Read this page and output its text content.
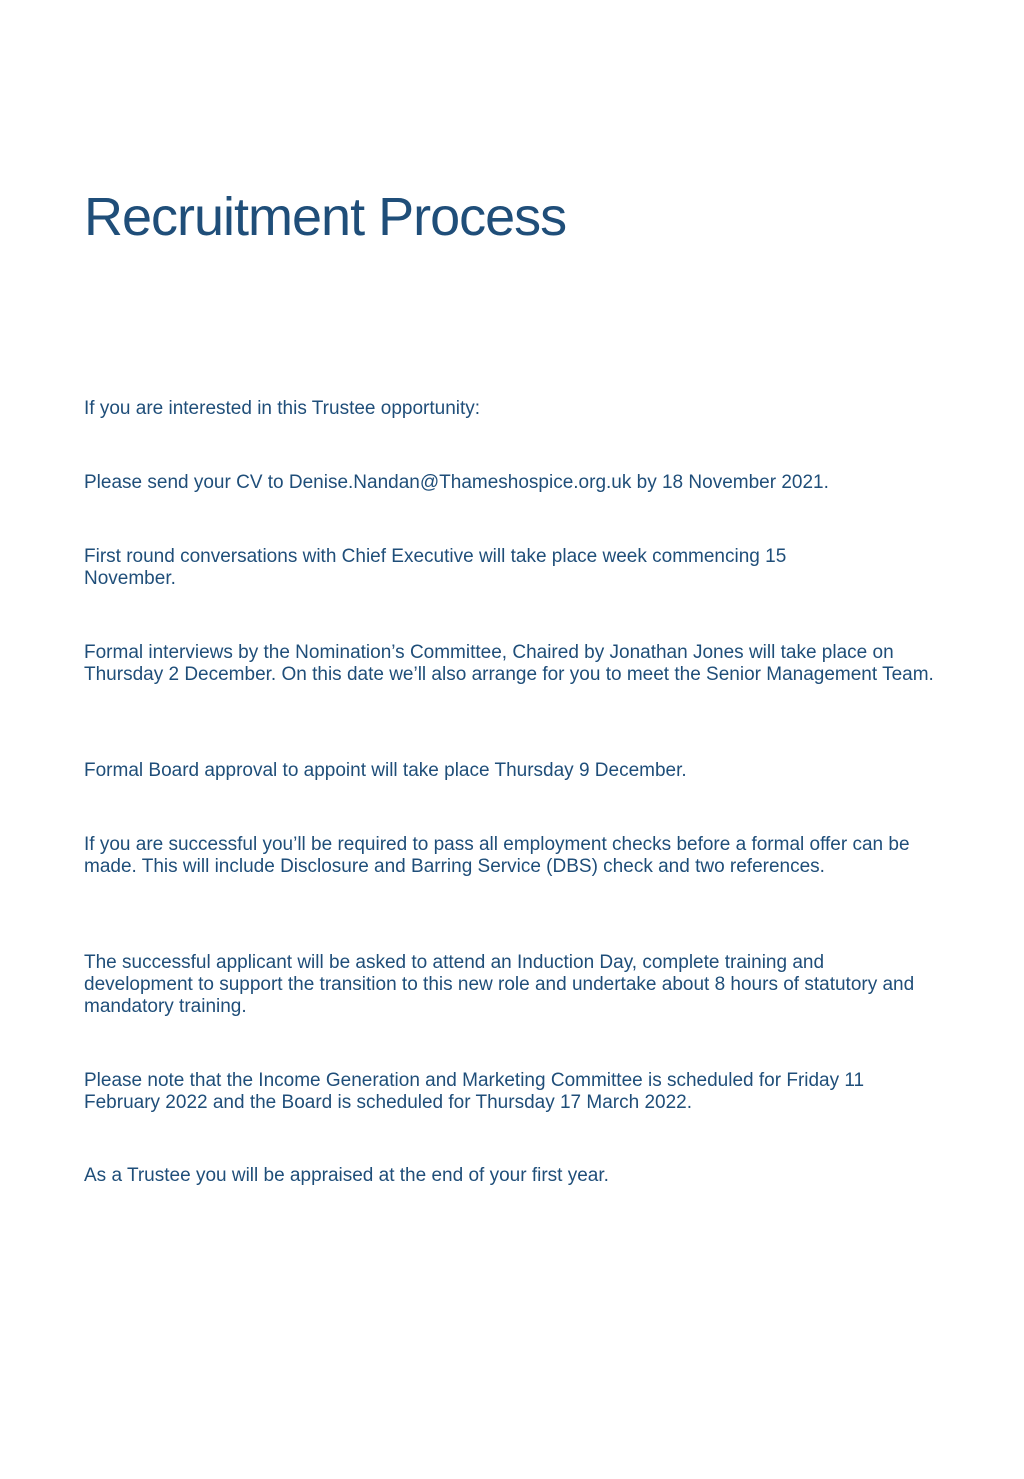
Recruitment Process

If you are interested in this Trustee opportunity:

Please send your CV to Denise.Nandan@Thameshospice.org.uk by 18 November 2021.

First round conversations with Chief Executive will take place week commencing 15 November.

Formal interviews by the Nomination’s Committee, Chaired by Jonathan Jones will take place on Thursday 2 December. On this date we’ll also arrange for you to meet the Senior Management Team.

Formal Board approval to appoint will take place Thursday 9 December.

If you are successful you’ll be required to pass all employment checks before a formal offer can be made. This will include Disclosure and Barring Service (DBS) check and two references.

The successful applicant will be asked to attend an Induction Day, complete training and development to support the transition to this new role and undertake about 8 hours of statutory and mandatory training.

Please note that the Income Generation and Marketing Committee is scheduled for Friday 11 February 2022 and the Board is scheduled for Thursday 17 March 2022.

As a Trustee you will be appraised at the end of your first year.
